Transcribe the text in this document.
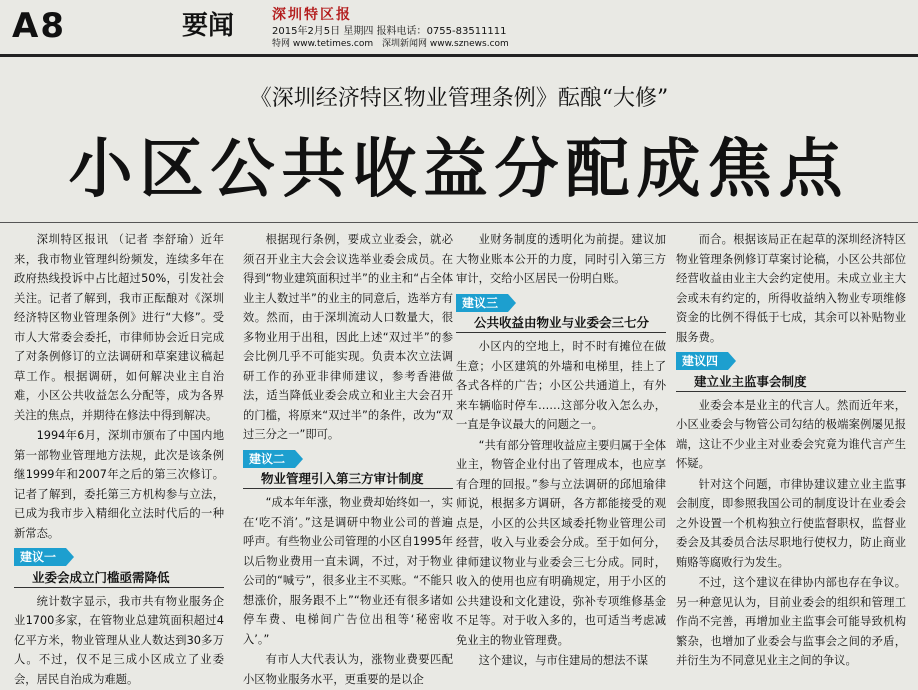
A8	要闻	深圳特区报
2015年2月5日 星期四 报料电话：0755-83511111
特网 www.tetimes.com 深圳新闻网 www.sznews.com
《深圳经济特区物业管理条例》酝酿“大修”
小区公共收益分配成焦点

深圳特区报讯 （记者 李舒瑜）近年来，我市物业管理纠纷频发，连续多年在政府热线投诉中占比超过50%，引发社会关注。记者了解到，我市正酝酿对《深圳经济特区物业管理条例》进行“大修”。受市人大常委会委托，市律师协会近日完成了对条例修订的立法调研和草案建议稿起草工作。根据调研，如何解决业主自治难，小区公共收益怎么分配等，成为各界关注的焦点，并期待在修法中得到解决。

1994年6月，深圳市颁布了中国内地第一部物业管理地方法规，此次是该条例继1999年和2007年之后的第三次修订。记者了解到，委托第三方机构参与立法，已成为我市步入精细化立法时代后的一种新常态。

建议一
业委会成立门槛亟需降低

统计数字显示，我市共有物业服务企业1700多家，在管物业总建筑面积超过4亿平方米，物业管理从业人数达到30多万人。不过，仅不足三成小区成立了业委会，居民自治成为难题。

根据现行条例，要成立业委会，就必须召开业主大会会议选举业委会成员。在得到“物业建筑面积过半”的业主和“占全体业主人数过半”的业主的同意后，选举方有效。然而，由于深圳流动人口数量大，很多物业用于出租，因此上述“双过半”的参会比例几乎不可能实现。负责本次立法调研工作的孙亚非律师建议，参考香港做法，适当降低业委会成立和业主大会召开的门槛，将原来“双过半”的条件，改为“双过三分之一”即可。

建议二
物业管理引入第三方审计制度

“成本年年涨，物业费却始终如一，实在‘吃不消’。”这是调研中物业公司的普遍呼声。有些物业公司管理的小区自1995年以后物业费用一直未调，不过，对于物业公司的“喊亏”，很多业主不买账。“不能只想涨价，服务跟不上”“物业还有很多诸如停车费、电梯间广告位出租等‘秘密收入’。”

有市人大代表认为，涨物业费要匹配小区物业服务水平，更重要的是以企

业财务制度的透明化为前提。建议加大物业账本公开的力度，同时引入第三方审计，交给小区居民一份明白账。

建议三
公共收益由物业与业委会三七分

小区内的空地上，时不时有摊位在做生意；小区建筑的外墙和电梯里，挂上了各式各样的广告；小区公共通道上，有外来车辆临时停车……这部分收入怎么办，一直是争议最大的问题之一。

“共有部分管理收益应主要归属于全体业主，物管企业付出了管理成本，也应享有合理的回报。”参与立法调研的邱旭瑜律师说，根据多方调研，各方都能接受的观点是，小区的公共区域委托物业管理公司经营，收入与业委会分成。至于如何分，律师建议物业与业委会三七分成。同时，收入的使用也应有明确规定，用于小区的公共建设和文化建设，弥补专项维修基金不足等。对于收入多的，也可适当考虑减免业主的物业管理费。

这个建议，与市住建局的想法不谋

而合。根据该局正在起草的深圳经济特区物业管理条例修订草案讨论稿，小区公共部位经营收益由业主大会约定使用。未成立业主大会或未有约定的，所得收益纳入物业专项维修资金的比例不得低于七成，其余可以补贴物业服务费。

建议四
建立业主监事会制度

业委会本是业主的代言人。然而近年来，小区业委会与物管公司勾结的极端案例屡见报端，这让不少业主对业委会究竟为谁代言产生怀疑。

针对这个问题，市律协建议建立业主监事会制度，即参照我国公司的制度设计在业委会之外设置一个机构独立行使监督职权，监督业委会及其委员合法尽职地行使权力，防止商业贿赂等腐败行为发生。

不过，这个建议在律协内部也存在争议。另一种意见认为，目前业委会的组织和管理工作尚不完善，再增加业主监事会可能导致机构繁杂，也增加了业委会与监事会之间的矛盾，并衍生为不同意见业主之间的争议。
